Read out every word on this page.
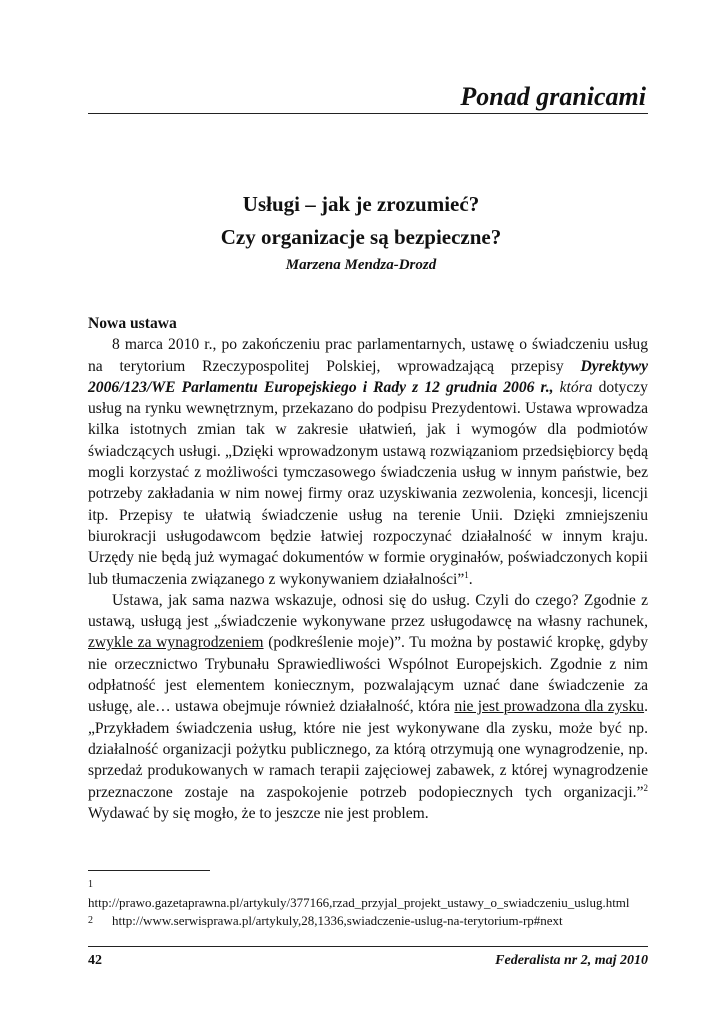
Ponad granicami
Usługi – jak je zrozumieć?
Czy organizacje są bezpieczne?
Marzena Mendza-Drozd
Nowa ustawa

8 marca 2010 r., po zakończeniu prac parlamentarnych, ustawę o świadczeniu usług na terytorium Rzeczypospolitej Polskiej, wprowadzającą przepisy Dyrektywy 2006/123/WE Parlamentu Europejskiego i Rady z 12 grudnia 2006 r., która dotyczy usług na rynku wewnętrznym, przekazano do podpisu Prezydentowi. Ustawa wprowadza kilka istotnych zmian tak w zakresie ułatwień, jak i wymogów dla podmiotów świadczących usługi. „Dzięki wprowadzonym ustawą rozwiązaniom przedsiębiorcy będą mogli korzystać z możliwości tymczasowego świadczenia usług w innym państwie, bez potrzeby zakładania w nim nowej firmy oraz uzyskiwania zezwolenia, koncesji, licencji itp. Przepisy te ułatwią świadczenie usług na terenie Unii. Dzięki zmniejszeniu biurokracji usługodawcom będzie łatwiej rozpoczynać działalność w innym kraju. Urzędy nie będą już wymagać dokumentów w formie oryginałów, poświadczonych kopii lub tłumaczenia związanego z wykonywaniem działalności”$^1$.

Ustawa, jak sama nazwa wskazuje, odnosi się do usług. Czyli do czego? Zgodnie z ustawą, usługą jest „świadczenie wykonywane przez usługodawcę na własny rachunek, zwykle za wynagrodzeniem (podkreślenie moje)”. Tu można by postawić kropkę, gdyby nie orzecznictwo Trybunału Sprawiedliwości Wspólnot Europejskich. Zgodnie z nim odpłatność jest elementem koniecznym, pozwalającym uznać dane świadczenie za usługę, ale… ustawa obejmuje również działalność, która nie jest prowadzona dla zysku. „Przykładem świadczenia usług, które nie jest wykonywane dla zysku, może być np. działalność organizacji pożytku publicznego, za którą otrzymują one wynagrodzenie, np. sprzedaż produkowanych w ramach terapii zajęciowej zabawek, z której wynagrodzenie przeznaczone zostaje na zaspokojenie potrzeb podopiecznych tych organizacji.”$^2$ Wydawać by się mogło, że to jeszcze nie jest problem.

1http://prawo.gazetaprawna.pl/artykuly/377166,rzad_przyjal_projekt_ustawy_o_swiadczeniu_uslug.html
2 http://www.serwisprawa.pl/artykuly,28,1336,swiadczenie-uslug-na-terytorium-rp#next
42	Federalista nr 2, maj 2010
